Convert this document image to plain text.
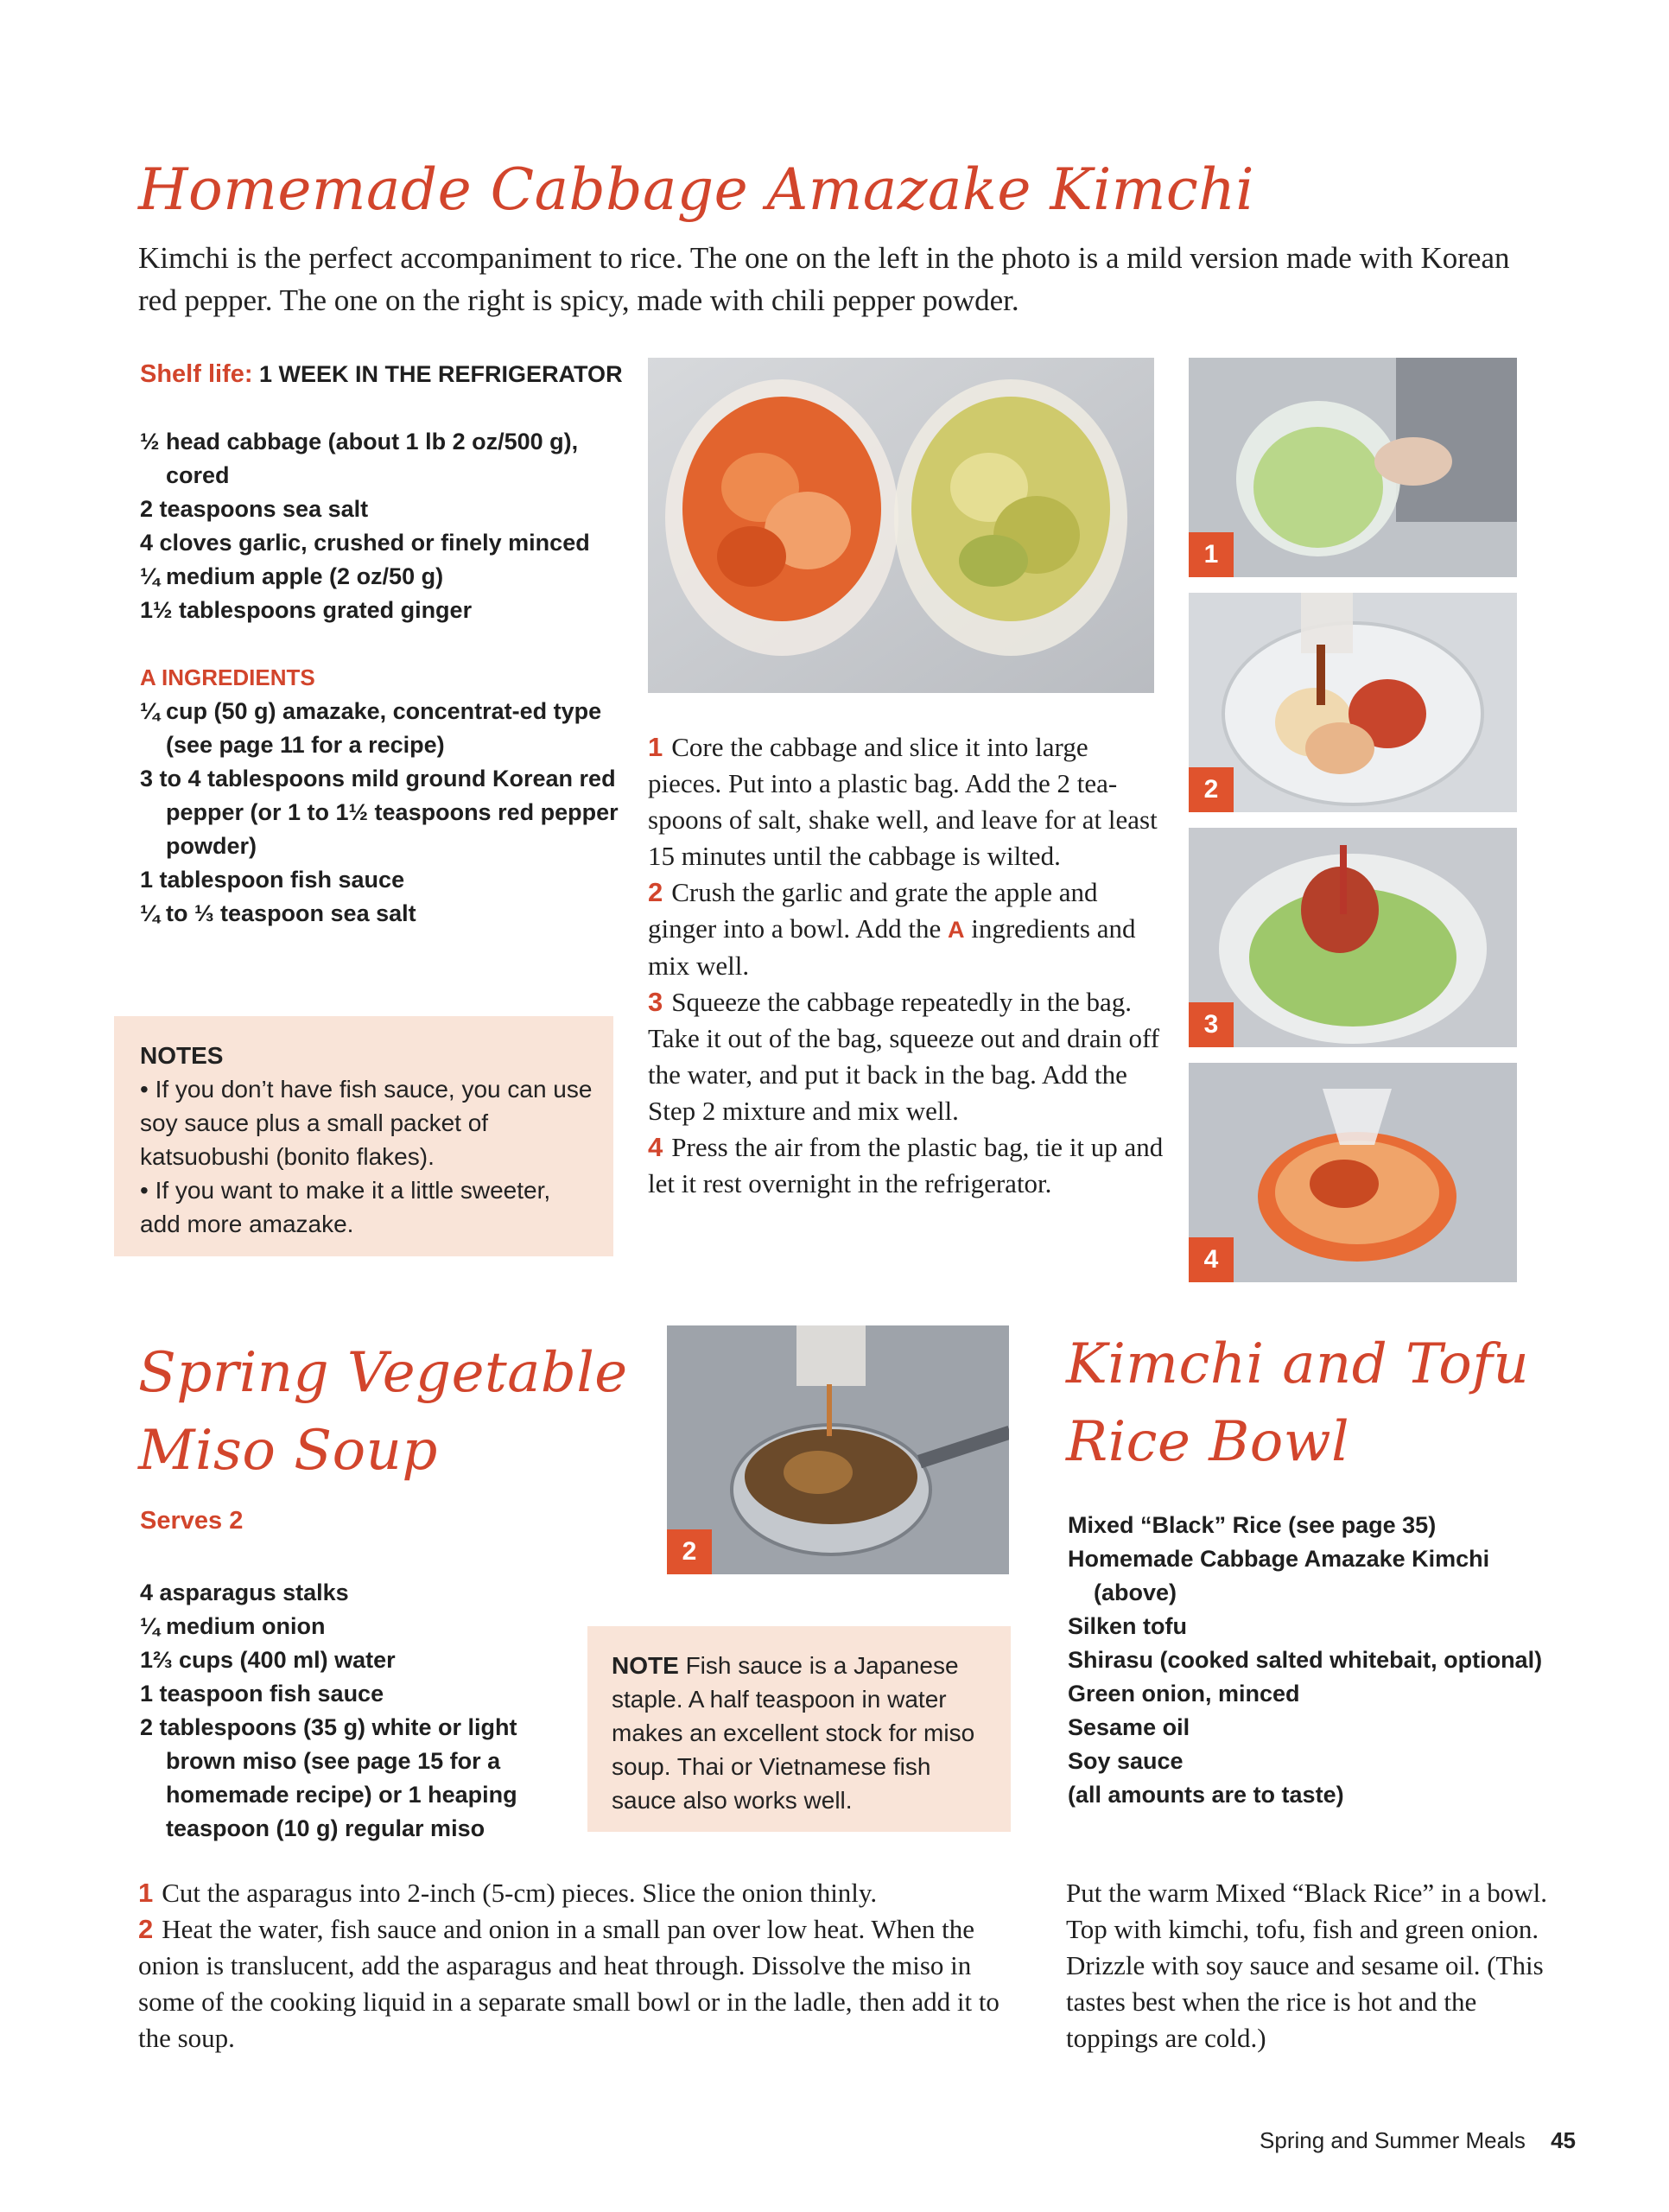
Homemade Cabbage Amazake Kimchi
Kimchi is the perfect accompaniment to rice. The one on the left in the photo is a mild version made with Korean red pepper. The one on the right is spicy, made with chili pepper powder.
Shelf life: 1 WEEK IN THE REFRIGERATOR
½ head cabbage (about 1 lb 2 oz/500 g), cored
2 teaspoons sea salt
4 cloves garlic, crushed or finely minced
¼ medium apple (2 oz/50 g)
1½ tablespoons grated ginger
A INGREDIENTS
¼ cup (50 g) amazake, concentrat-ed type (see page 11 for a recipe)
3 to 4 tablespoons mild ground Korean red pepper (or 1 to 1½ teaspoons red pepper powder)
1 tablespoon fish sauce
¼ to ⅓ teaspoon sea salt
NOTES
• If you don’t have fish sauce, you can use soy sauce plus a small packet of katsuobushi (bonito flakes).
• If you want to make it a little sweeter, add more amazake.
1
2
3
4
1 Core the cabbage and slice it into large pieces. Put into a plastic bag. Add the 2 tea-spoons of salt, shake well, and leave for at least 15 minutes until the cabbage is wilted.
2 Crush the garlic and grate the apple and ginger into a bowl. Add the A ingredients and mix well.
3 Squeeze the cabbage repeatedly in the bag. Take it out of the bag, squeeze out and drain off the water, and put it back in the bag. Add the Step 2 mixture and mix well.
4 Press the air from the plastic bag, tie it up and let it rest overnight in the refrigerator.
Spring Vegetable
Miso Soup
Serves 2
4 asparagus stalks
¼ medium onion
1⅔ cups (400 ml) water
1 teaspoon fish sauce
2 tablespoons (35 g) white or light brown miso (see page 15 for a homemade recipe) or 1 heaping teaspoon (10 g) regular miso
2
NOTE Fish sauce is a Japanese staple. A half teaspoon in water makes an excellent stock for miso soup. Thai or Vietnamese fish sauce also works well.
1 Cut the asparagus into 2-inch (5-cm) pieces. Slice the onion thinly.
2 Heat the water, fish sauce and onion in a small pan over low heat. When the onion is translucent, add the asparagus and heat through. Dissolve the miso in some of the cooking liquid in a separate small bowl or in the ladle, then add it to the soup.
Kimchi and Tofu
Rice Bowl
Mixed “Black” Rice (see page 35)
Homemade Cabbage Amazake Kimchi (above)
Silken tofu
Shirasu (cooked salted whitebait, optional)
Green onion, minced
Sesame oil
Soy sauce
(all amounts are to taste)
Put the warm Mixed “Black Rice” in a bowl. Top with kimchi, tofu, fish and green onion. Drizzle with soy sauce and sesame oil. (This tastes best when the rice is hot and the toppings are cold.)
Spring and Summer Meals 45
